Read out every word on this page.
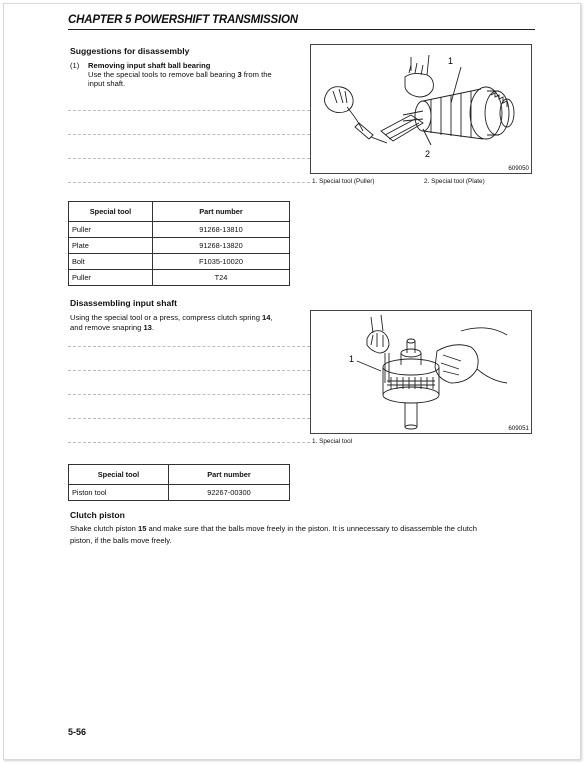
CHAPTER 5 POWERSHIFT TRANSMISSION
Suggestions for disassembly
(1) Removing input shaft ball bearing
Use the special tools to remove ball bearing 3 from the
input shaft.
1
2
609050
1. Special tool (Puller)	2. Special tool (Plate)
Special tool	Part number
Puller	91268-13810
Plate	91268-13820
Bolt	F1035-10020
Puller	T24
Disassembling input shaft
Using the special tool or a press, compress clutch spring 14,
and remove snapring 13.
1
609051
1. Special tool
Special tool	Part number
Piston tool	92267-00300
Clutch piston
Shake clutch piston 15 and make sure that the balls move freely in the piston. It is unnecessary to disassemble the clutch
piston, if the balls move freely.
5-56
